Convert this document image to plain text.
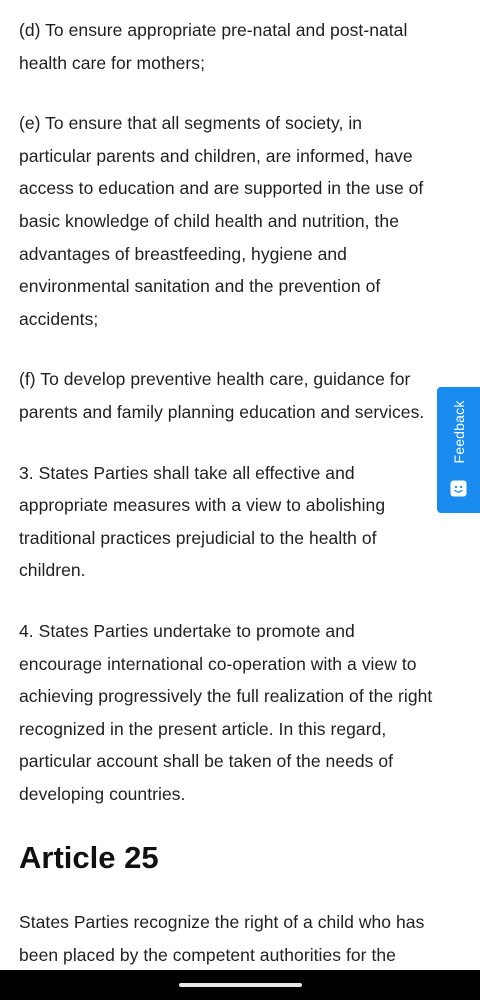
(d) To ensure appropriate pre-natal and post-natal
health care for mothers;

(e) To ensure that all segments of society, in
particular parents and children, are informed, have
access to education and are supported in the use of
basic knowledge of child health and nutrition, the
advantages of breastfeeding, hygiene and
environmental sanitation and the prevention of
accidents;

(f) To develop preventive health care, guidance for
parents and family planning education and services.

3. States Parties shall take all effective and
appropriate measures with a view to abolishing
traditional practices prejudicial to the health of
children.

4. States Parties undertake to promote and
encourage international co-operation with a view to
achieving progressively the full realization of the right
recognized in the present article. In this regard,
particular account shall be taken of the needs of
developing countries.

Article 25

States Parties recognize the right of a child who has
been placed by the competent authorities for the

Feedback
